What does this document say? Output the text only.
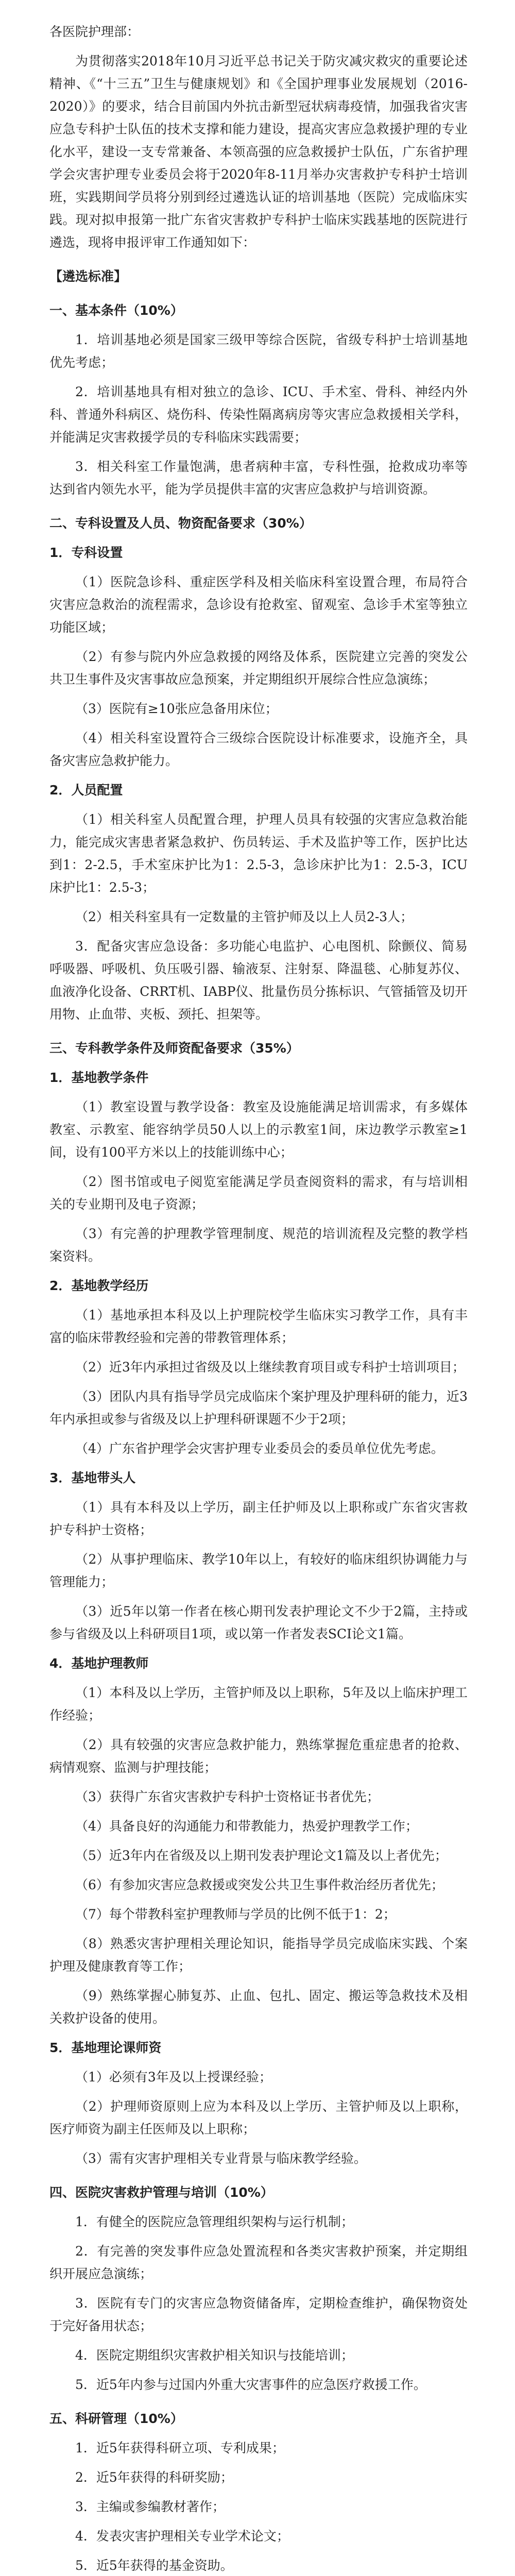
各医院护理部：

为贯彻落实2018年10月习近平总书记关于防灾减灾救灾的重要论述精神、《“十三五”卫生与健康规划》和《全国护理事业发展规划（2016-2020）》的要求，结合目前国内外抗击新型冠状病毒疫情，加强我省灾害应急专科护士队伍的技术支撑和能力建设，提高灾害应急救援护理的专业化水平，建设一支专常兼备、本领高强的应急救援护士队伍，广东省护理学会灾害护理专业委员会将于2020年8-11月举办灾害救护专科护士培训班，实践期间学员将分别到经过遴选认证的培训基地（医院）完成临床实践。现对拟申报第一批广东省灾害救护专科护士临床实践基地的医院进行遴选，现将申报评审工作通知如下：

【遴选标准】

一、基本条件（10%）

1．培训基地必须是国家三级甲等综合医院，省级专科护士培训基地优先考虑；

2．培训基地具有相对独立的急诊、ICU、手术室、骨科、神经内外科、普通外科病区、烧伤科、传染性隔离病房等灾害应急救援相关学科，并能满足灾害救援学员的专科临床实践需要；

3．相关科室工作量饱满，患者病种丰富，专科性强，抢救成功率等达到省内领先水平，能为学员提供丰富的灾害应急救护与培训资源。

二、专科设置及人员、物资配备要求（30%）

1．专科设置

（1）医院急诊科、重症医学科及相关临床科室设置合理，布局符合灾害应急救治的流程需求，急诊设有抢救室、留观室、急诊手术室等独立功能区域；

（2）有参与院内外应急救援的网络及体系，医院建立完善的突发公共卫生事件及灾害事故应急预案，并定期组织开展综合性应急演练；

（3）医院有≥10张应急备用床位；

（4）相关科室设置符合三级综合医院设计标准要求，设施齐全，具备灾害应急救护能力。

2．人员配置

（1）相关科室人员配置合理，护理人员具有较强的灾害应急救治能力，能完成灾害患者紧急救护、伤员转运、手术及监护等工作，医护比达到1：2-2.5，手术室床护比为1：2.5-3，急诊床护比为1：2.5-3，ICU床护比1：2.5-3；

（2）相关科室具有一定数量的主管护师及以上人员2-3人；

3．配备灾害应急设备：多功能心电监护、心电图机、除颤仪、简易呼吸器、呼吸机、负压吸引器、输液泵、注射泵、降温毯、心肺复苏仪、血液净化设备、CRRT机、IABP仪、批量伤员分拣标识、气管插管及切开用物、止血带、夹板、颈托、担架等。

三、专科教学条件及师资配备要求（35%）

1．基地教学条件

（1）教室设置与教学设备：教室及设施能满足培训需求，有多媒体教室、示教室、能容纳学员50人以上的示教室1间，床边教学示教室≥1间，设有100平方米以上的技能训练中心；

（2）图书馆或电子阅览室能满足学员查阅资料的需求，有与培训相关的专业期刊及电子资源；

（3）有完善的护理教学管理制度、规范的培训流程及完整的教学档案资料。

2．基地教学经历

（1）基地承担本科及以上护理院校学生临床实习教学工作，具有丰富的临床带教经验和完善的带教管理体系；

（2）近3年内承担过省级及以上继续教育项目或专科护士培训项目；

（3）团队内具有指导学员完成临床个案护理及护理科研的能力，近3年内承担或参与省级及以上护理科研课题不少于2项；

（4）广东省护理学会灾害护理专业委员会的委员单位优先考虑。

3．基地带头人

（1）具有本科及以上学历，副主任护师及以上职称或广东省灾害救护专科护士资格；

（2）从事护理临床、教学10年以上，有较好的临床组织协调能力与管理能力；

（3）近5年以第一作者在核心期刊发表护理论文不少于2篇，主持或参与省级及以上科研项目1项，或以第一作者发表SCI论文1篇。

4．基地护理教师

（1）本科及以上学历，主管护师及以上职称，5年及以上临床护理工作经验；

（2）具有较强的灾害应急救护能力，熟练掌握危重症患者的抢救、病情观察、监测与护理技能；

（3）获得广东省灾害救护专科护士资格证书者优先；

（4）具备良好的沟通能力和带教能力，热爱护理教学工作；

（5）近3年内在省级及以上期刊发表护理论文1篇及以上者优先；

（6）有参加灾害应急救援或突发公共卫生事件救治经历者优先；

（7）每个带教科室护理教师与学员的比例不低于1：2；

（8）熟悉灾害护理相关理论知识，能指导学员完成临床实践、个案护理及健康教育等工作；

（9）熟练掌握心肺复苏、止血、包扎、固定、搬运等急救技术及相关救护设备的使用。

5．基地理论课师资

（1）必须有3年及以上授课经验；

（2）护理师资原则上应为本科及以上学历、主管护师及以上职称，医疗师资为副主任医师及以上职称；

（3）需有灾害护理相关专业背景与临床教学经验。

四、医院灾害救护管理与培训（10%）

1．有健全的医院应急管理组织架构与运行机制；

2．有完善的突发事件应急处置流程和各类灾害救护预案，并定期组织开展应急演练；

3．医院有专门的灾害应急物资储备库，定期检查维护，确保物资处于完好备用状态；

4．医院定期组织灾害救护相关知识与技能培训；

5．近5年内参与过国内外重大灾害事件的应急医疗救援工作。

五、科研管理（10%）

1．近5年获得科研立项、专利成果；

2．近5年获得的科研奖励；

3．主编或参编教材著作；

4．发表灾害护理相关专业学术论文；

5．近5年获得的基金资助。
